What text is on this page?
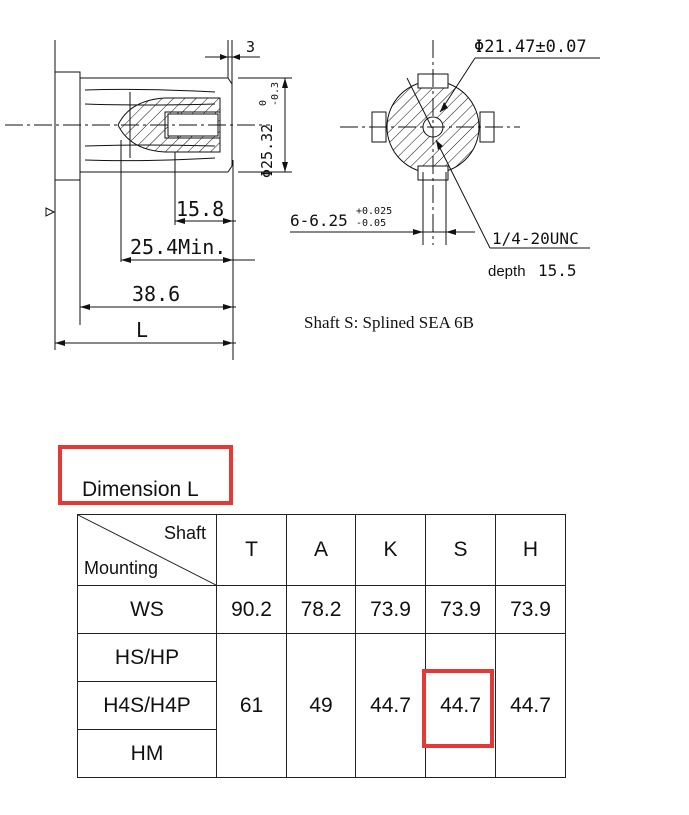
3
Φ25.32
0 -0.3
15.8
25.4Min.
38.6
L
Φ21.47±0.07
6-6.25 +0.025
-0.05
1/4-20UNC
depth 15.5
Shaft S: Splined SEA 6B
Dimension L
Shaft
Mounting	T	A	K	S	H
WS	90.2	78.2	73.9	73.9	73.9
HS/HP	61	49	44.7	44.7	44.7
H4S/H4P					
HM					
